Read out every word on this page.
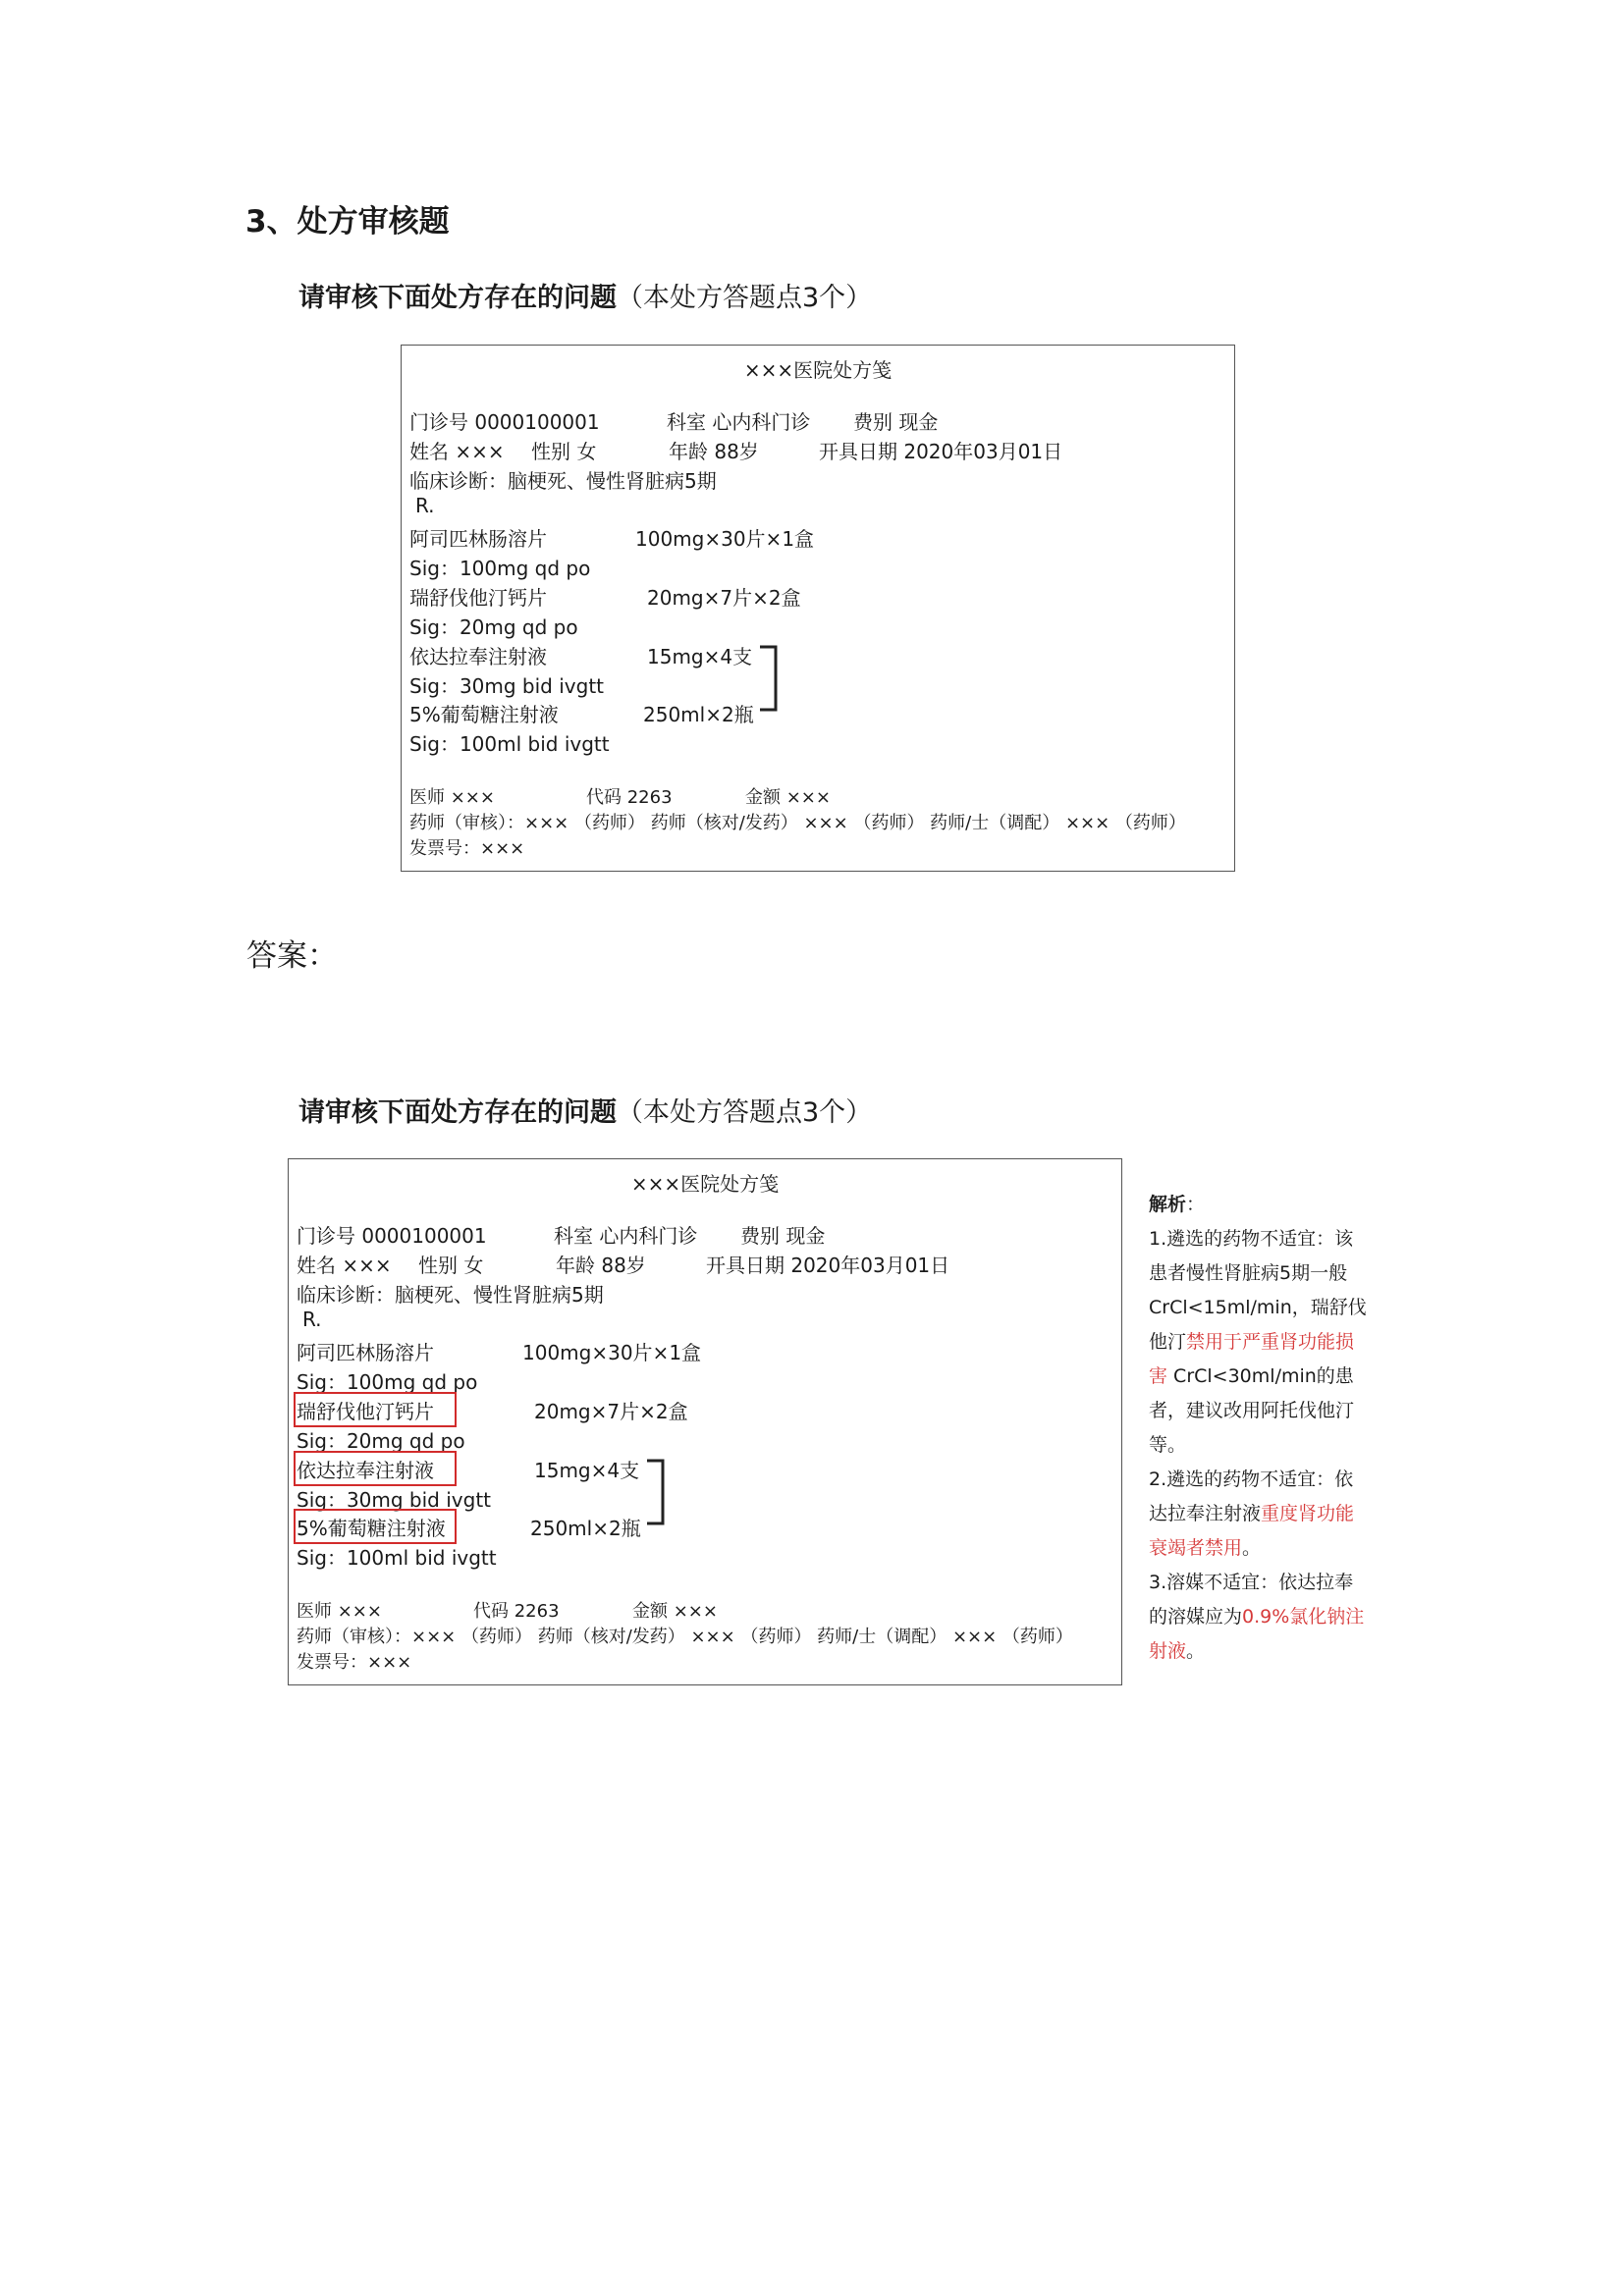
3、处方审核题
请审核下面处方存在的问题（本处方答题点3个）
×××医院处方笺
门诊号 0000100001	科室 心内科门诊 费别 现金
姓名 ××× 性别 女	年龄 88岁	开具日期 2020年03月01日
临床诊断：脑梗死、慢性肾脏病5期
R.
阿司匹林肠溶片	100mg×30片×1盒
Sig：100mg qd po
瑞舒伐他汀钙片	20mg×7片×2盒
Sig：20mg qd po
依达拉奉注射液	15mg×4支
Sig：30mg bid ivgtt
5%葡萄糖注射液	250ml×2瓶
Sig：100ml bid ivgtt
医师 ×××	代码 2263	金额 ×××
药师（审核）：××× （药师） 药师（核对/发药） ××× （药师） 药师/士（调配） ××× （药师）
发票号：×××
答案：
请审核下面处方存在的问题（本处方答题点3个）
×××医院处方笺
门诊号 0000100001	科室 心内科门诊 费别 现金
姓名 ××× 性别 女	年龄 88岁	开具日期 2020年03月01日
临床诊断：脑梗死、慢性肾脏病5期
R.
阿司匹林肠溶片	100mg×30片×1盒
Sig：100mg qd po
瑞舒伐他汀钙片	20mg×7片×2盒
Sig：20mg qd po
依达拉奉注射液	15mg×4支
Sig：30mg bid ivgtt
5%葡萄糖注射液	250ml×2瓶
Sig：100ml bid ivgtt
医师 ×××	代码 2263	金额 ×××
药师（审核）：××× （药师） 药师（核对/发药） ××× （药师） 药师/士（调配） ××× （药师）
发票号：×××
解析：
1.遴选的药物不适宜：该患者慢性肾脏病5期一般CrCl<15ml/min，瑞舒伐他汀禁用于严重肾功能损害 CrCl<30ml/min的患者，建议改用阿托伐他汀等。
2.遴选的药物不适宜：依达拉奉注射液重度肾功能衰竭者禁用。
3.溶媒不适宜：依达拉奉的溶媒应为0.9%氯化钠注射液。
